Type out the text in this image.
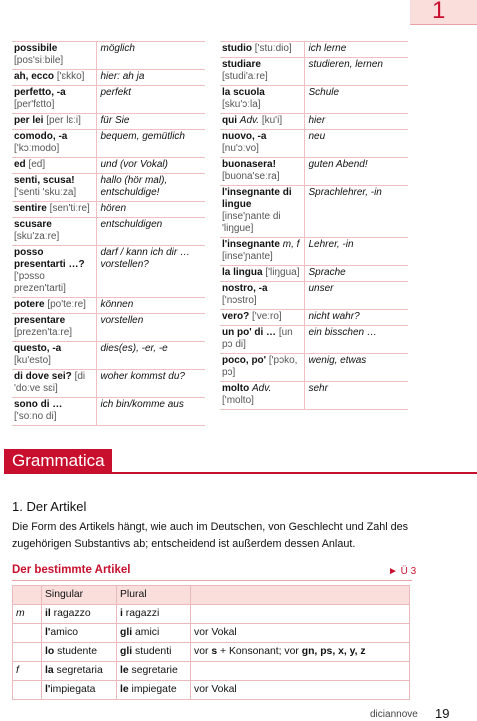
1
possibile [pos'siːbile]	möglich
ah, ecco ['ɛkko]	hier: ah ja
perfetto, -a [per'fɛtto]	perfekt
per lei [per lɛːi]	für Sie
comodo, -a ['kɔːmodo]	bequem, gemütlich
ed [ed]	und (vor Vokal)
senti, scusa! ['senti 'skuːza]	hallo (hör mal), entschuldige!
sentire [sen'tiːre]	hören
scusare [sku'zaːre]	entschuldigen
posso presentarti …? ['pɔsso prezen'tarti]	darf / kann ich dir … vorstellen?
potere [po'teːre]	können
presentare [prezen'taːre]	vorstellen
questo, -a [ku'esto]	dies(es), -er, -e
di dove sei? [di 'doːve sɛi]	woher kommst du?
sono di … ['soːno di]	ich bin/komme aus
studio ['stuːdio]	ich lerne
studiare [studi'aːre]	studieren, lernen
la scuola [sku'ɔːla]	Schule
qui Adv. [ku'i]	hier
nuovo, -a [nu'ɔːvo]	neu
buonasera! [buona'seːra]	guten Abend!
l'insegnante di lingue [inse'ɲante di 'liŋgue]	Sprachlehrer, -in
l'insegnante m, f [inse'ɲante]	Lehrer, -in
la lingua ['liŋgua]	Sprache
nostro, -a ['nɔstro]	unser
vero? ['veːro]	nicht wahr?
un po' di … [un pɔ di]	ein bisschen …
poco, po' ['pɔko, pɔ]	wenig, etwas
molto Adv. ['molto]	sehr
Grammatica
1. Der Artikel

Die Form des Artikels hängt, wie auch im Deutschen, von Geschlecht und Zahl des zugehörigen Substantivs ab; entscheidend ist außerdem dessen Anlaut.

Der bestimmte Artikel	► Ü 3
	Singular	Plural	
m	il ragazzo	i ragazzi	
	l'amico	gli amici	vor Vokal
	lo studente	gli studenti	vor s + Konsonant; vor gn, ps, x, y, z
f	la segretaria	le segretarie	
	l'impiegata	le impiegate	vor Vokal
diciannove 19
